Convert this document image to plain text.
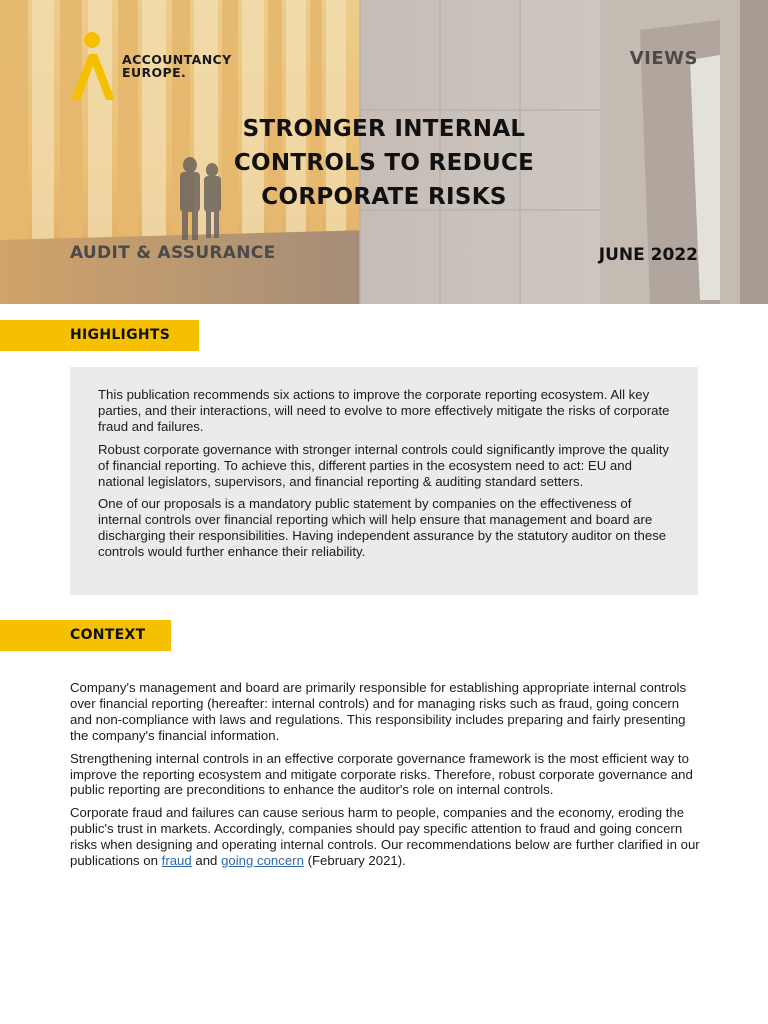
ACCOUNTANCY
EUROPE.
VIEWS
STRONGER INTERNAL
CONTROLS TO REDUCE
CORPORATE RISKS
AUDIT & ASSURANCE	JUNE 2022
HIGHLIGHTS

This publication recommends six actions to improve the corporate reporting ecosystem. All key parties, and their interactions, will need to evolve to more effectively mitigate the risks of corporate fraud and failures.

Robust corporate governance with stronger internal controls could significantly improve the quality of financial reporting. To achieve this, different parties in the ecosystem need to act: EU and national legislators, supervisors, and financial reporting & auditing standard setters.

One of our proposals is a mandatory public statement by companies on the effectiveness of internal controls over financial reporting which will help ensure that management and board are discharging their responsibilities. Having independent assurance by the statutory auditor on these controls would further enhance their reliability.

CONTEXT

Company's management and board are primarily responsible for establishing appropriate internal controls over financial reporting (hereafter: internal controls) and for managing risks such as fraud, going concern and non-compliance with laws and regulations. This responsibility includes preparing and fairly presenting the company's financial information.

Strengthening internal controls in an effective corporate governance framework is the most efficient way to improve the reporting ecosystem and mitigate corporate risks. Therefore, robust corporate governance and public reporting are preconditions to enhance the auditor's role on internal controls.

Corporate fraud and failures can cause serious harm to people, companies and the economy, eroding the public's trust in markets. Accordingly, companies should pay specific attention to fraud and going concern risks when designing and operating internal controls. Our recommendations below are further clarified in our publications on fraud and going concern (February 2021).
